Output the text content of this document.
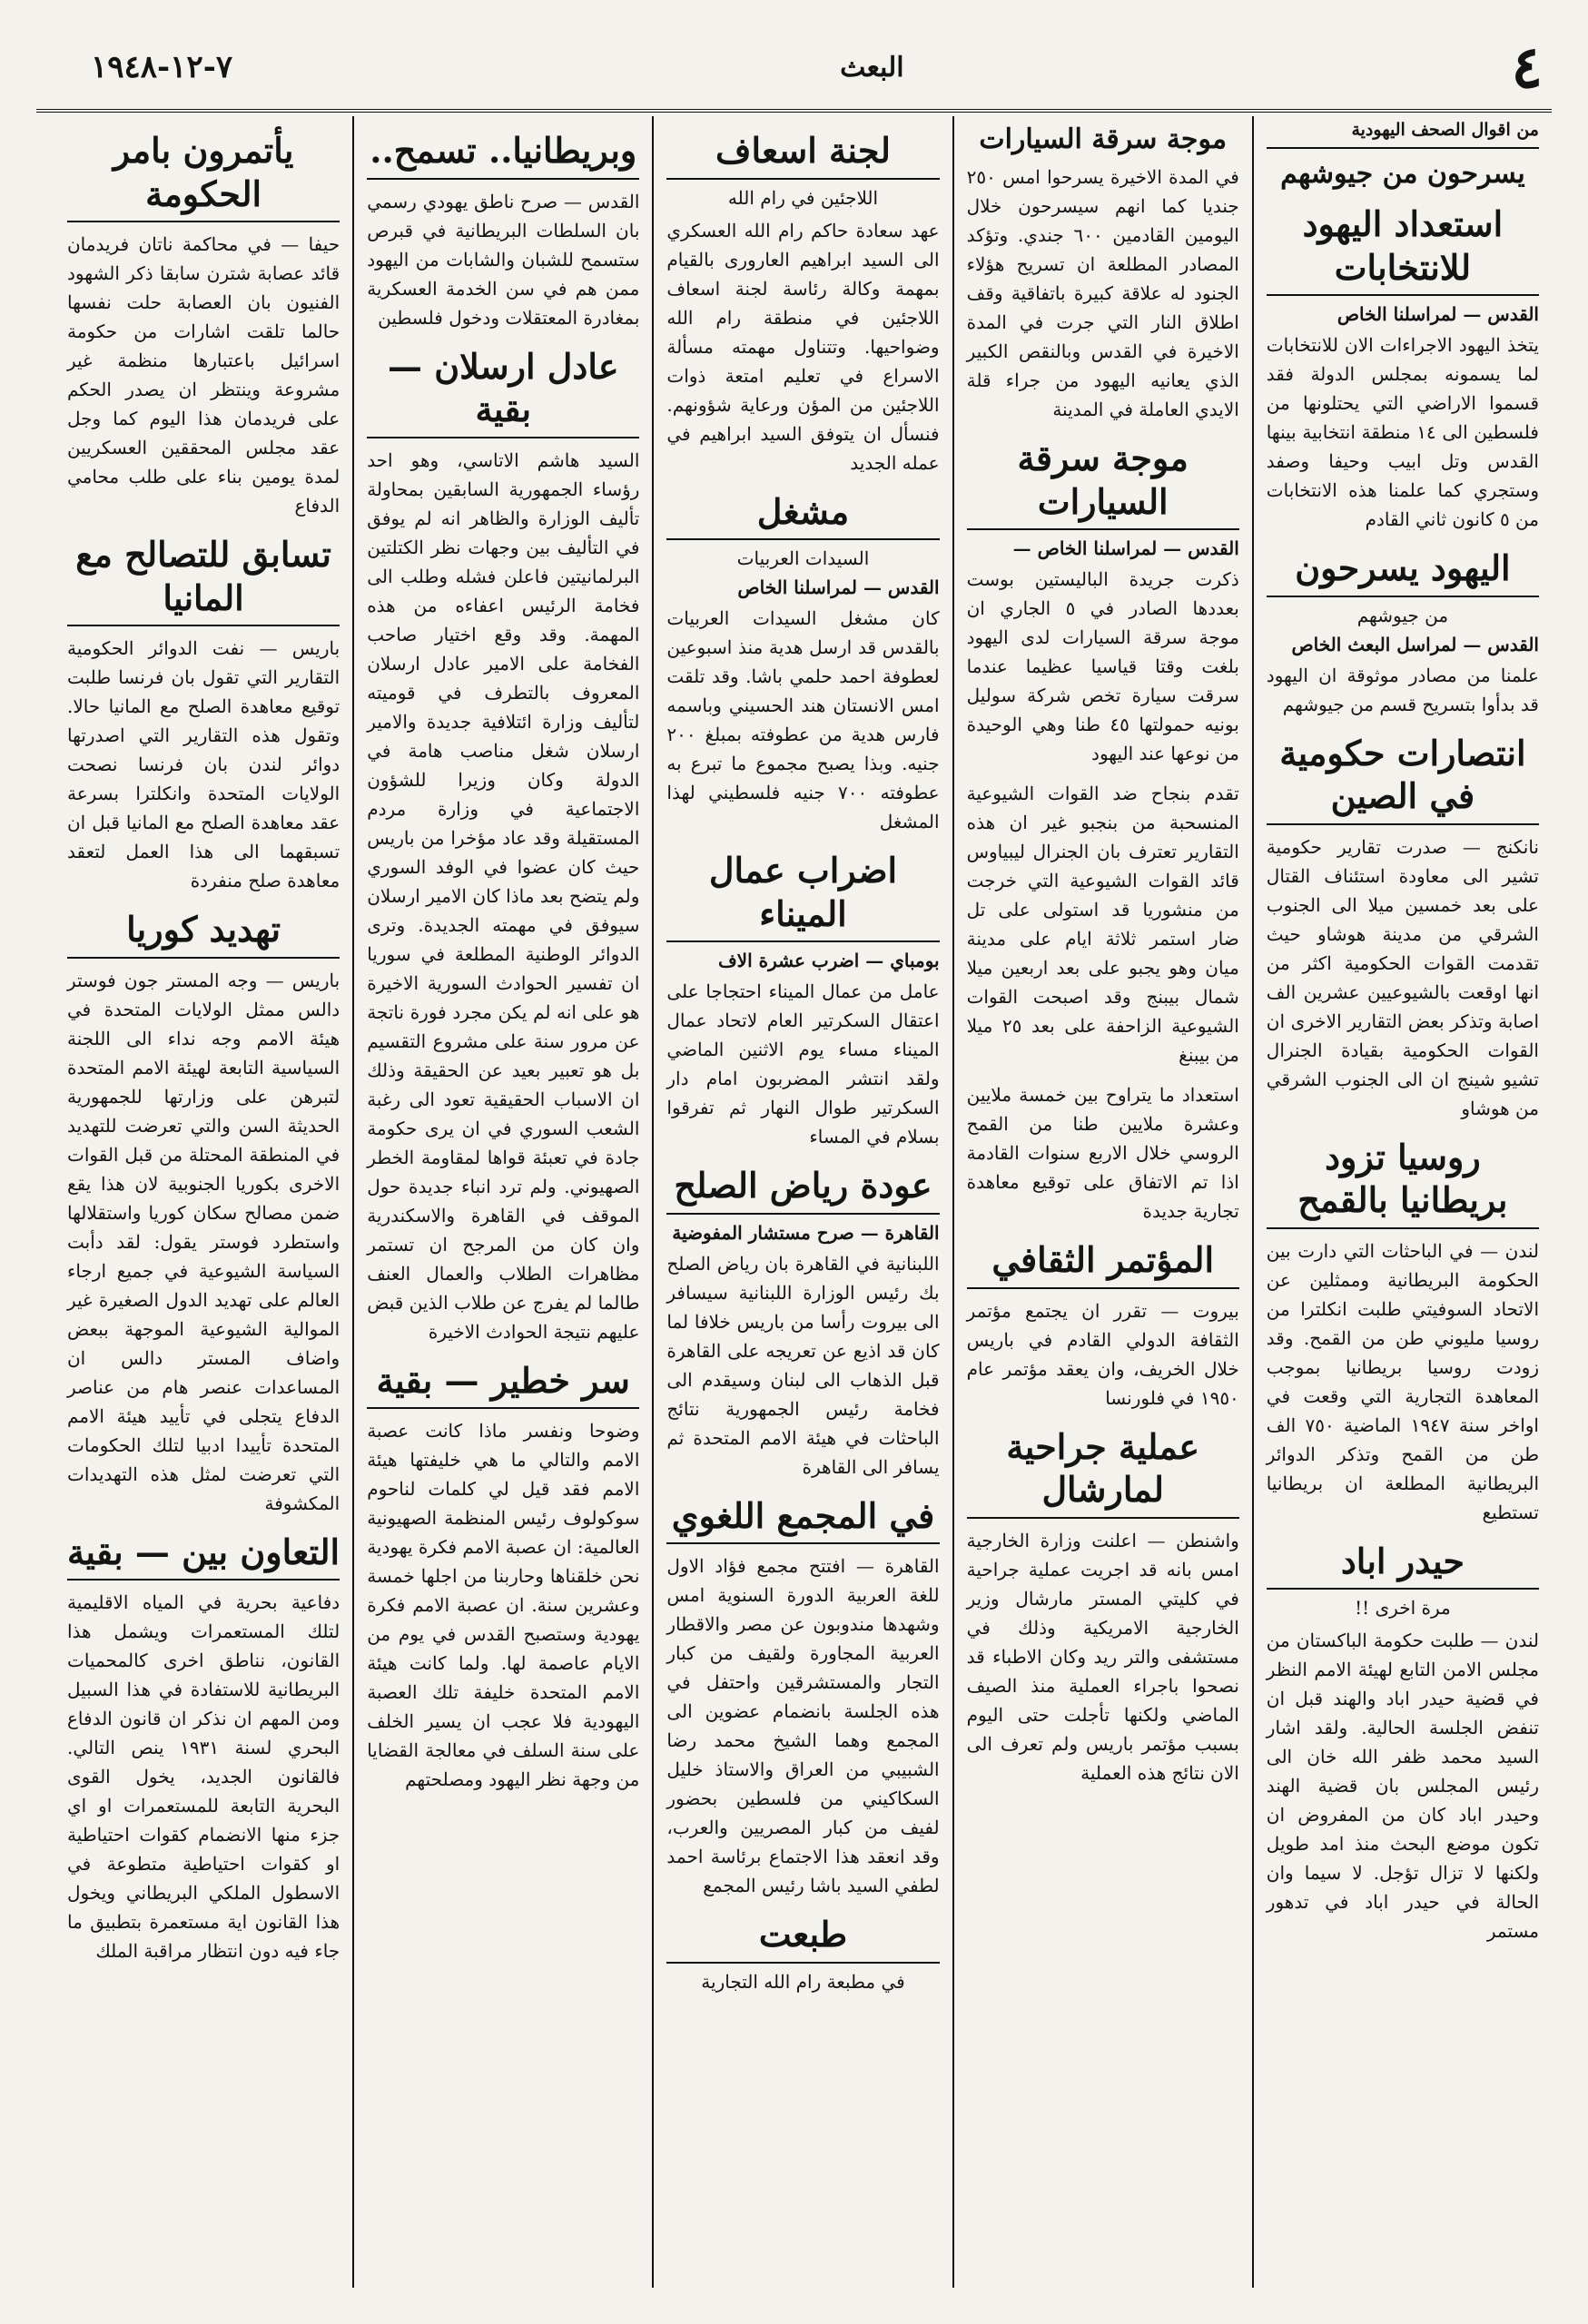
٤
البعث
٧-١٢-١٩٤٨
من اقوال الصحف اليهودية
يسرحون من جيوشهم
استعداد اليهود للانتخابات
القدس — لمراسلنا الخاص

يتخذ اليهود الاجراءات الان للانتخابات لما يسمونه بمجلس الدولة فقد قسموا الاراضي التي يحتلونها من فلسطين الى ١٤ منطقة انتخابية بينها القدس وتل ابيب وحيفا وصفد وستجري كما علمنا هذه الانتخابات من ٥ كانون ثاني القادم

اليهود يسرحون
من جيوشهم
القدس — لمراسل البعث الخاص

علمنا من مصادر موثوقة ان اليهود قد بدأوا بتسريح قسم من جيوشهم

انتصارات حكومية في الصين

نانكنج — صدرت تقارير حكومية تشير الى معاودة استئناف القتال على بعد خمسين ميلا الى الجنوب الشرقي من مدينة هوشاو حيث تقدمت القوات الحكومية اكثر من انها اوقعت بالشيوعيين عشرين الف اصابة وتذكر بعض التقارير الاخرى ان القوات الحكومية بقيادة الجنرال تشيو شينج ان الى الجنوب الشرقي من هوشاو

روسيا تزود بريطانيا بالقمح

لندن — في الباحثات التي دارت بين الحكومة البريطانية وممثلين عن الاتحاد السوفيتي طلبت انكلترا من روسيا مليوني طن من القمح. وقد زودت روسيا بريطانيا بموجب المعاهدة التجارية التي وقعت في اواخر سنة ١٩٤٧ الماضية ٧٥٠ الف طن من القمح وتذكر الدوائر البريطانية المطلعة ان بريطانيا تستطيع

حيدر اباد
مرة اخرى !!

لندن — طلبت حكومة الباكستان من مجلس الامن التابع لهيئة الامم النظر في قضية حيدر اباد والهند قبل ان تنفض الجلسة الحالية. ولقد اشار السيد محمد ظفر الله خان الى رئيس المجلس بان قضية الهند وحيدر اباد كان من المفروض ان تكون موضع البحث منذ امد طويل ولكنها لا تزال تؤجل. لا سيما وان الحالة في حيدر اباد في تدهور مستمر

موجة سرقة السيارات

في المدة الاخيرة يسرحوا امس ٢٥٠ جنديا كما انهم سيسرحون خلال اليومين القادمين ٦٠٠ جندي. وتؤكد المصادر المطلعة ان تسريح هؤلاء الجنود له علاقة كبيرة باتفاقية وقف اطلاق النار التي جرت في المدة الاخيرة في القدس وبالنقص الكبير الذي يعانيه اليهود من جراء قلة الايدي العاملة في المدينة

موجة سرقة السيارات
القدس — لمراسلنا الخاص —

ذكرت جريدة الباليستين بوست بعددها الصادر في ٥ الجاري ان موجة سرقة السيارات لدى اليهود بلغت وقتا قياسيا عظيما عندما سرقت سيارة تخص شركة سوليل بونيه حمولتها ٤٥ طنا وهي الوحيدة من نوعها عند اليهود

تقدم بنجاح ضد القوات الشيوعية المنسحبة من بنجبو غير ان هذه التقارير تعترف بان الجنرال ليبياوس قائد القوات الشيوعية التي خرجت من منشوريا قد استولى على تل ضار استمر ثلاثة ايام على مدينة ميان وهو يجبو على بعد اربعين ميلا شمال بيبنج وقد اصبحت القوات الشيوعية الزاحفة على بعد ٢٥ ميلا من بيبنغ

استعداد ما يتراوح بين خمسة ملايين وعشرة ملايين طنا من القمح الروسي خلال الاربع سنوات القادمة اذا تم الاتفاق على توقيع معاهدة تجارية جديدة

المؤتمر الثقافي

بيروت — تقرر ان يجتمع مؤتمر الثقافة الدولي القادم في باريس خلال الخريف، وان يعقد مؤتمر عام ١٩٥٠ في فلورنسا

عملية جراحية لمارشال

واشنطن — اعلنت وزارة الخارجية امس بانه قد اجريت عملية جراحية في كليتي المستر مارشال وزير الخارجية الامريكية وذلك في مستشفى والتر ريد وكان الاطباء قد نصحوا باجراء العملية منذ الصيف الماضي ولكنها تأجلت حتى اليوم بسبب مؤتمر باريس ولم تعرف الى الان نتائج هذه العملية

لجنة اسعاف
اللاجئين في رام الله

عهد سعادة حاكم رام الله العسكري الى السيد ابراهيم العارورى بالقيام بمهمة وكالة رئاسة لجنة اسعاف اللاجئين في منطقة رام الله وضواحيها. وتتناول مهمته مسألة الاسراع في تعليم امتعة ذوات اللاجئين من المؤن ورعاية شؤونهم. فنسأل ان يتوفق السيد ابراهيم في عمله الجديد

مشغل
السيدات العربيات
القدس — لمراسلنا الخاص

كان مشغل السيدات العربيات بالقدس قد ارسل هدية منذ اسبوعين لعطوفة احمد حلمي باشا. وقد تلقت امس الانستان هند الحسيني وباسمه فارس هدية من عطوفته بمبلغ ٢٠٠ جنيه. وبذا يصبح مجموع ما تبرع به عطوفته ٧٠٠ جنيه فلسطيني لهذا المشغل

اضراب عمال الميناء
بومباي — اضرب عشرة الاف

عامل من عمال الميناء احتجاجا على اعتقال السكرتير العام لاتحاد عمال الميناء مساء يوم الاثنين الماضي ولقد انتشر المضربون امام دار السكرتير طوال النهار ثم تفرقوا بسلام في المساء

عودة رياض الصلح
القاهرة — صرح مستشار المفوضية

اللبنانية في القاهرة بان رياض الصلح بك رئيس الوزارة اللبنانية سيسافر الى بيروت رأسا من باريس خلافا لما كان قد اذيع عن تعريجه على القاهرة قبل الذهاب الى لبنان وسيقدم الى فخامة رئيس الجمهورية نتائج الباحثات في هيئة الامم المتحدة ثم يسافر الى القاهرة

في المجمع اللغوي

القاهرة — افتتح مجمع فؤاد الاول للغة العربية الدورة السنوية امس وشهدها مندوبون عن مصر والاقطار العربية المجاورة ولقيف من كبار التجار والمستشرقين واحتفل في هذه الجلسة بانضمام عضوين الى المجمع وهما الشيخ محمد رضا الشبيبي من العراق والاستاذ خليل السكاكيني من فلسطين بحضور لفيف من كبار المصريين والعرب، وقد انعقد هذا الاجتماع برئاسة احمد لطفي السيد باشا رئيس المجمع

طبعت
في مطبعة رام الله التجارية
وبريطانيا.. تسمح..

القدس — صرح ناطق يهودي رسمي بان السلطات البريطانية في قبرص ستسمح للشبان والشابات من اليهود ممن هم في سن الخدمة العسكرية بمغادرة المعتقلات ودخول فلسطين

عادل ارسلان — بقية

السيد هاشم الاتاسي، وهو احد رؤساء الجمهورية السابقين بمحاولة تأليف الوزارة والظاهر انه لم يوفق في التأليف بين وجهات نظر الكتلتين البرلمانيتين فاعلن فشله وطلب الى فخامة الرئيس اعفاءه من هذه المهمة. وقد وقع اختيار صاحب الفخامة على الامير عادل ارسلان المعروف بالتطرف في قوميته لتأليف وزارة ائتلافية جديدة والامير ارسلان شغل مناصب هامة في الدولة وكان وزيرا للشؤون الاجتماعية في وزارة مردم المستقيلة وقد عاد مؤخرا من باريس حيث كان عضوا في الوفد السوري ولم يتضح بعد ماذا كان الامير ارسلان سيوفق في مهمته الجديدة. وترى الدوائر الوطنية المطلعة في سوريا ان تفسير الحوادث السورية الاخيرة هو على انه لم يكن مجرد فورة ناتجة عن مرور سنة على مشروع التقسيم بل هو تعبير بعيد عن الحقيقة وذلك ان الاسباب الحقيقية تعود الى رغبة الشعب السوري في ان يرى حكومة جادة في تعبئة قواها لمقاومة الخطر الصهيوني. ولم ترد انباء جديدة حول الموقف في القاهرة والاسكندرية وان كان من المرجح ان تستمر مظاهرات الطلاب والعمال العنف طالما لم يفرج عن طلاب الذين قبض عليهم نتيجة الحوادث الاخيرة

سر خطير — بقية

وضوحا ونفسر ماذا كانت عصبة الامم والتالي ما هي خليفتها هيئة الامم فقد قيل لي كلمات لناحوم سوكولوف رئيس المنظمة الصهيونية العالمية: ان عصبة الامم فكرة يهودية نحن خلقناها وحاربنا من اجلها خمسة وعشرين سنة. ان عصبة الامم فكرة يهودية وستصبح القدس في يوم من الايام عاصمة لها. ولما كانت هيئة الامم المتحدة خليفة تلك العصبة اليهودية فلا عجب ان يسير الخلف على سنة السلف في معالجة القضايا من وجهة نظر اليهود ومصلحتهم

يأتمرون بامر الحكومة

حيفا — في محاكمة ناتان فريدمان قائد عصابة شترن سابقا ذكر الشهود الفنيون بان العصابة حلت نفسها حالما تلقت اشارات من حكومة اسرائيل باعتبارها منظمة غير مشروعة وينتظر ان يصدر الحكم على فريدمان هذا اليوم كما وجل عقد مجلس المحققين العسكريين لمدة يومين بناء على طلب محامي الدفاع

تسابق للتصالح مع المانيا

باريس — نفت الدوائر الحكومية التقارير التي تقول بان فرنسا طلبت توقيع معاهدة الصلح مع المانيا حالا. وتقول هذه التقارير التي اصدرتها دوائر لندن بان فرنسا نصحت الولايات المتحدة وانكلترا بسرعة عقد معاهدة الصلح مع المانيا قبل ان تسبقهما الى هذا العمل لتعقد معاهدة صلح منفردة

تهديد كوريا

باريس — وجه المستر جون فوستر دالس ممثل الولايات المتحدة في هيئة الامم وجه نداء الى اللجنة السياسية التابعة لهيئة الامم المتحدة لتبرهن على وزارتها للجمهورية الحديثة السن والتي تعرضت للتهديد في المنطقة المحتلة من قبل القوات الاخرى بكوريا الجنوبية لان هذا يقع ضمن مصالح سكان كوريا واستقلالها واستطرد فوستر يقول: لقد دأبت السياسة الشيوعية في جميع ارجاء العالم على تهديد الدول الصغيرة غير الموالية الشيوعية الموجهة ببعض واضاف المستر دالس ان المساعدات عنصر هام من عناصر الدفاع يتجلى في تأييد هيئة الامم المتحدة تأييدا ادبيا لتلك الحكومات التي تعرضت لمثل هذه التهديدات المكشوفة

التعاون بين — بقية

دفاعية بحرية في المياه الاقليمية لتلك المستعمرات ويشمل هذا القانون، نناطق اخرى كالمحميات البريطانية للاستفادة في هذا السبيل ومن المهم ان نذكر ان قانون الدفاع البحري لسنة ١٩٣١ ينص التالي. فالقانون الجديد، يخول القوى البحرية التابعة للمستعمرات او اي جزء منها الانضمام كقوات احتياطية او كقوات احتياطية متطوعة في الاسطول الملكي البريطاني ويخول هذا القانون اية مستعمرة بتطبيق ما جاء فيه دون انتظار مراقبة الملك
